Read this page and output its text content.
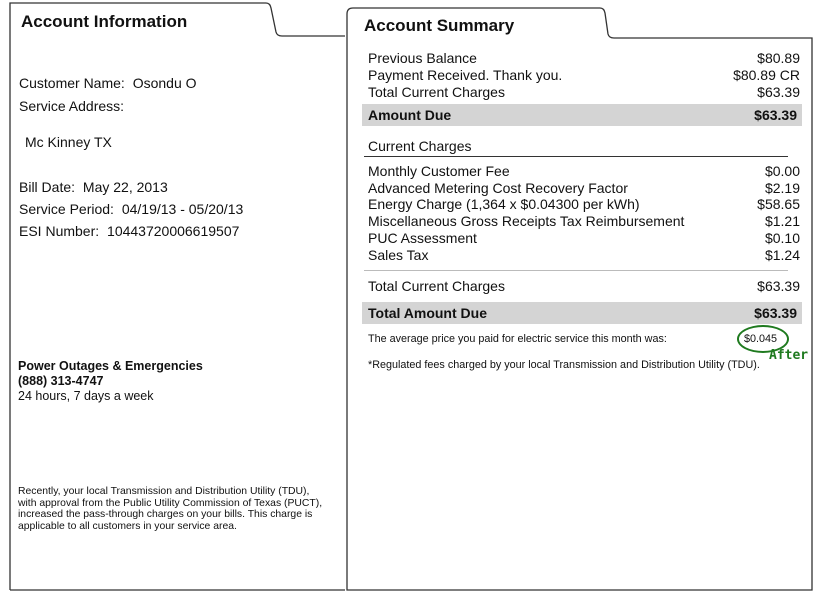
Account Information
Customer Name: Osondu O
Service Address:
Mc Kinney TX
Bill Date: May 22, 2013
Service Period: 04/19/13 - 05/20/13
ESI Number: 10443720006619507
Power Outages & Emergencies
(888) 313-4747
24 hours, 7 days a week
Recently, your local Transmission and Distribution Utility (TDU), with approval from the Public Utility Commission of Texas (PUCT), increased the pass-through charges on your bills. This charge is applicable to all customers in your service area.
Account Summary
Previous Balance	$80.89
Payment Received. Thank you.	$80.89 CR
Total Current Charges	$63.39
Amount Due	$63.39
Current Charges
Monthly Customer Fee	$0.00
Advanced Metering Cost Recovery Factor	$2.19
Energy Charge (1,364 x $0.04300 per kWh)	$58.65
Miscellaneous Gross Receipts Tax Reimbursement	$1.21
PUC Assessment	$0.10
Sales Tax	$1.24
Total Current Charges	$63.39
Total Amount Due	$63.39
The average price you paid for electric service this month was:	$0.045
After
*Regulated fees charged by your local Transmission and Distribution Utility (TDU).
